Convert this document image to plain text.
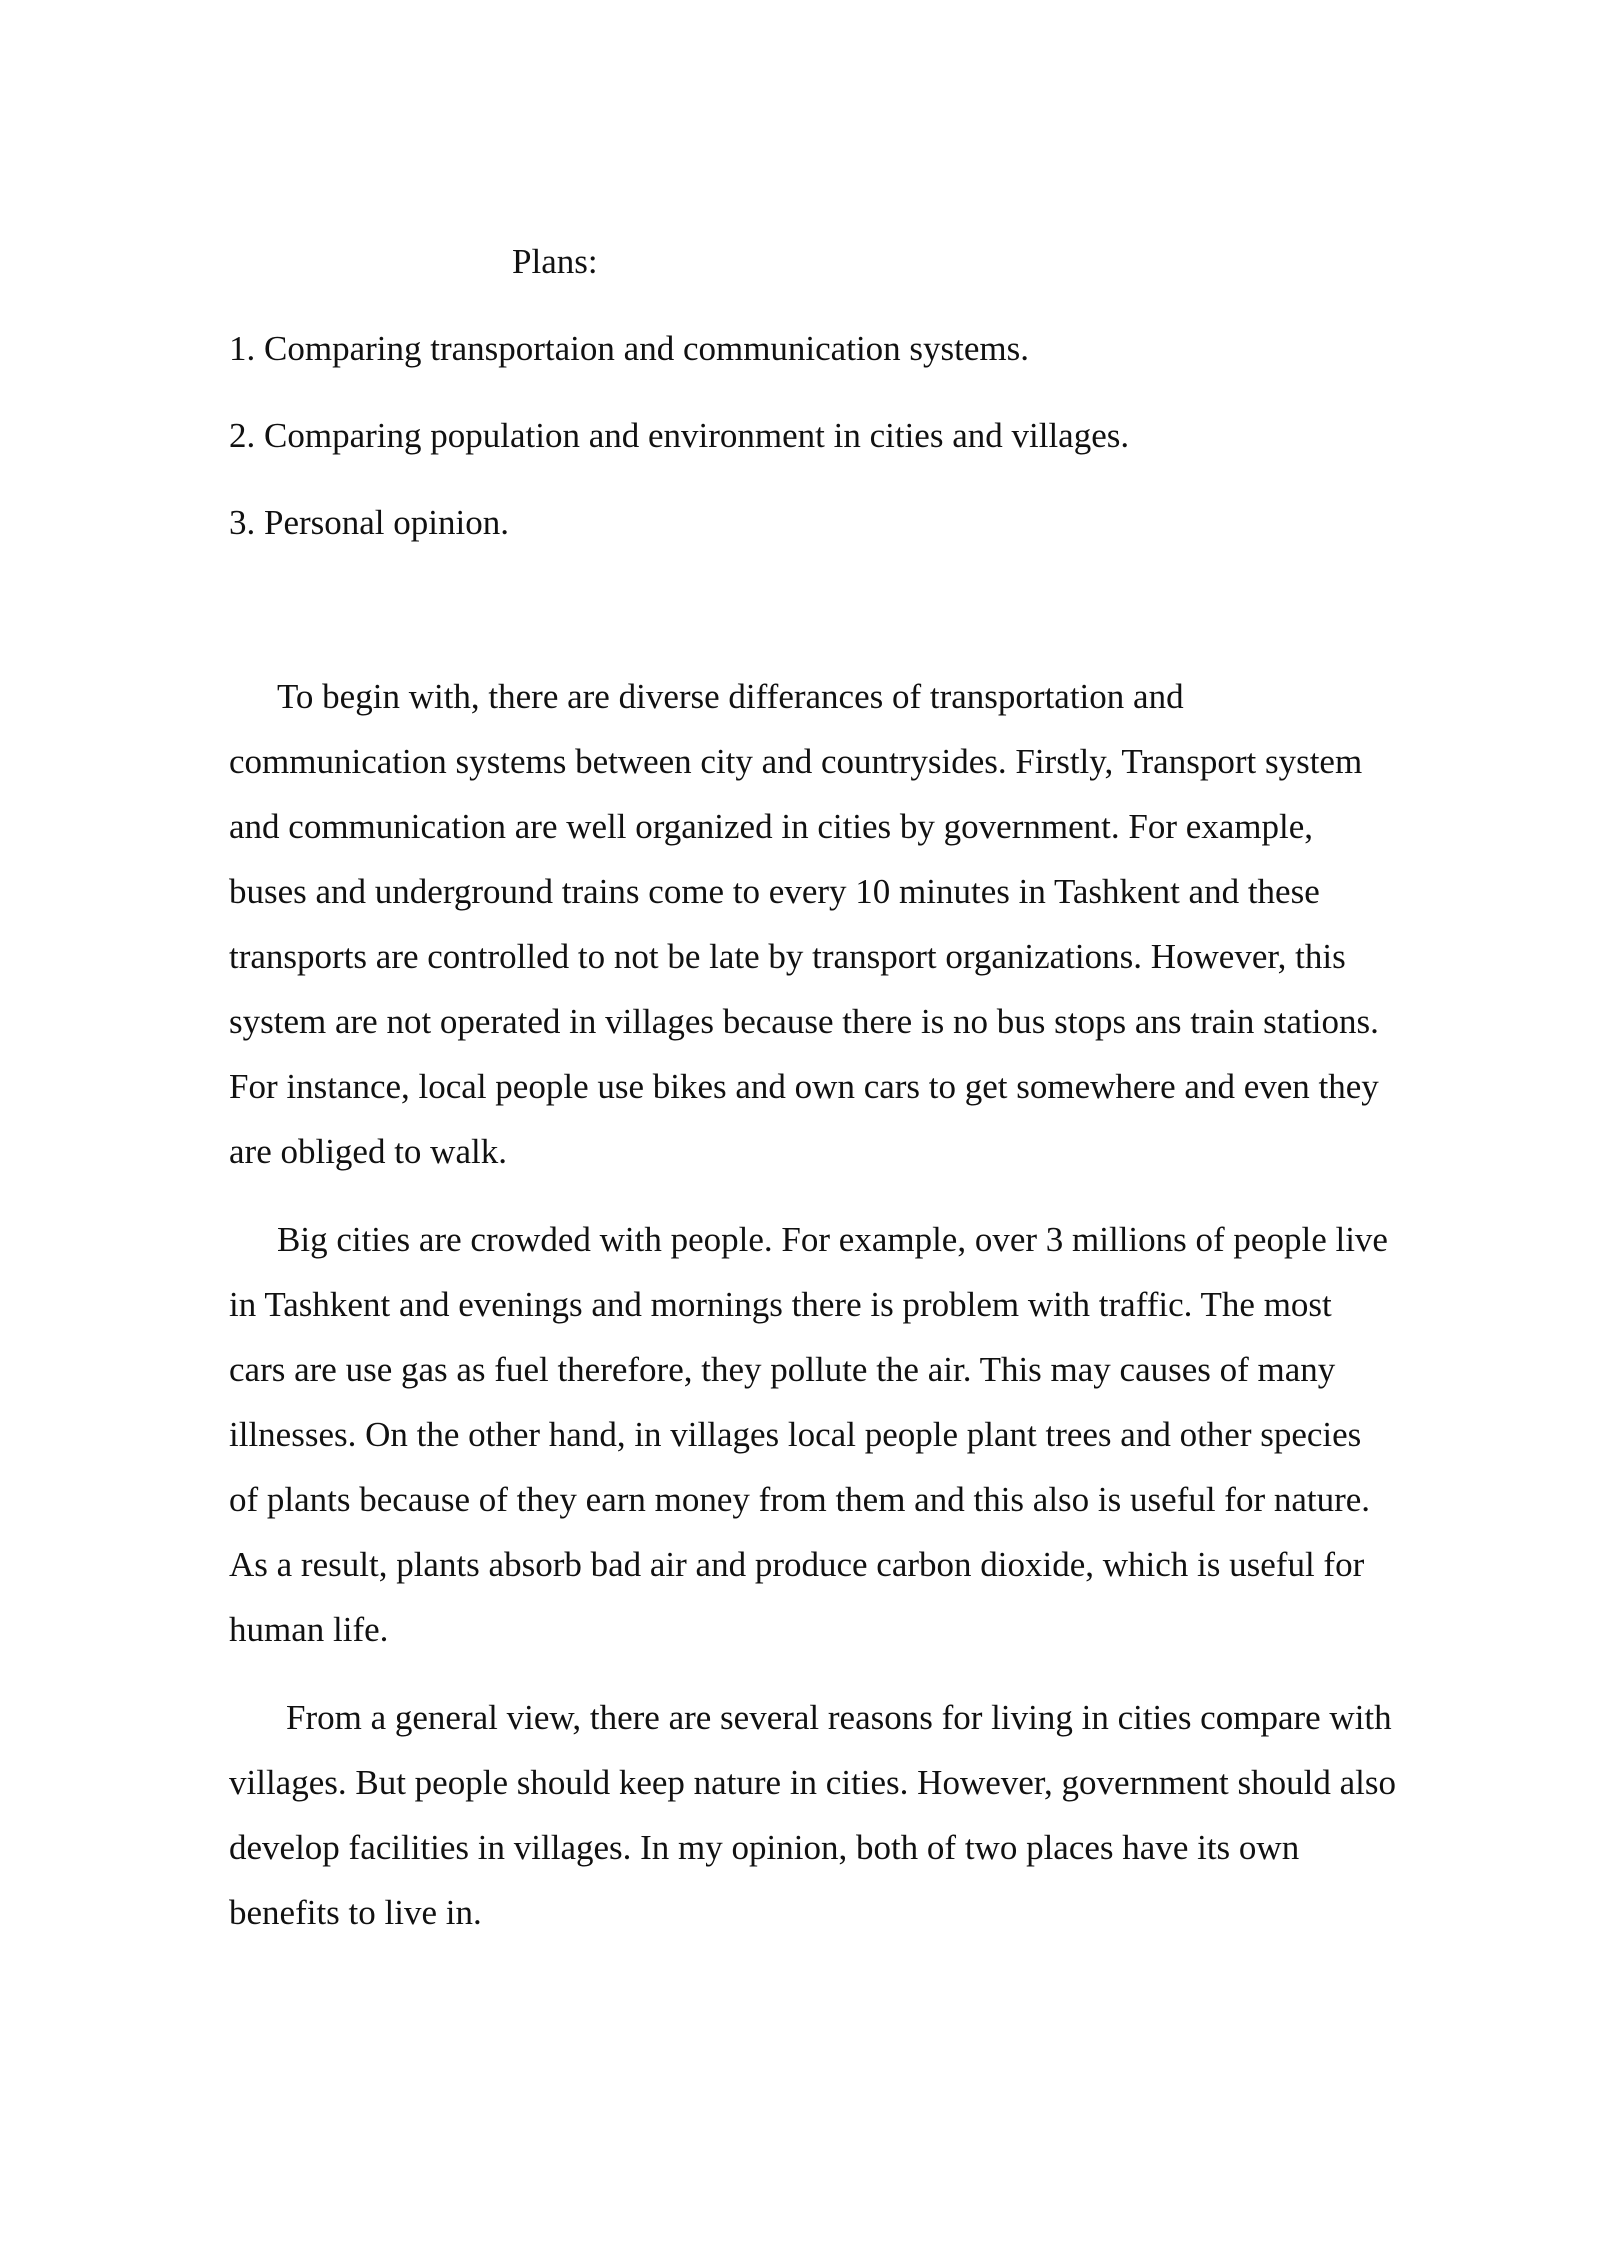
Plans:
1. Comparing transportaion and communication systems.
2. Comparing population and environment in cities and villages.
3. Personal opinion.

To begin with, there are diverse differances of transportation and
communication systems between city and countrysides. Firstly, Transport system
and communication are well organized in cities by government. For example,
buses and underground trains come to every 10 minutes in Tashkent and these
transports are controlled to not be late by transport organizations. However, this
system are not operated in villages because there is no bus stops ans train stations.
For instance, local people use bikes and own cars to get somewhere and even they
are obliged to walk.

Big cities are crowded with people. For example, over 3 millions of people live
in Tashkent and evenings and mornings there is problem with traffic. The most
cars are use gas as fuel therefore, they pollute the air. This may causes of many
illnesses. On the other hand, in villages local people plant trees and other species
of plants because of they earn money from them and this also is useful for nature.
As a result, plants absorb bad air and produce carbon dioxide, which is useful for
human life.

From a general view, there are several reasons for living in cities compare with
villages. But people should keep nature in cities. However, government should also
develop facilities in villages. In my opinion, both of two places have its own
benefits to live in.
